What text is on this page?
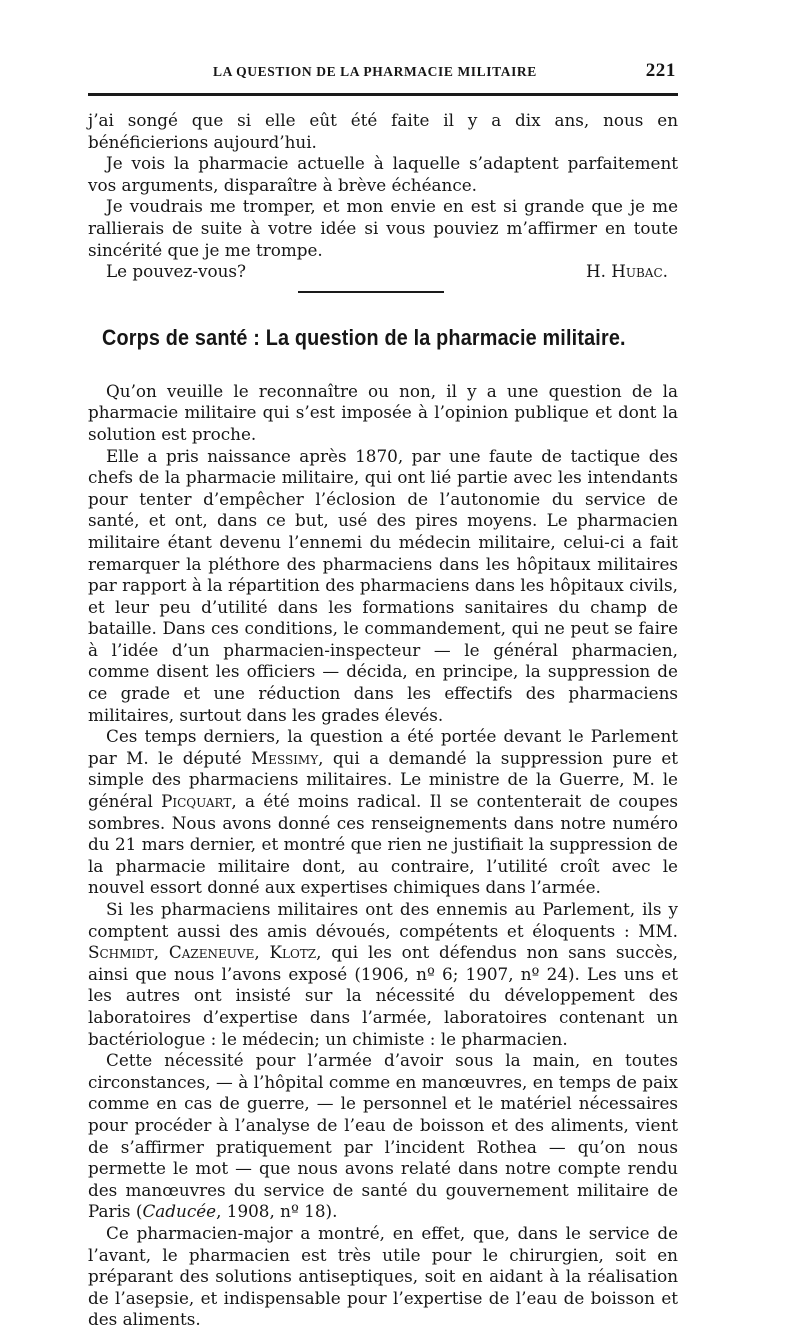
LA QUESTION DE LA PHARMACIE MILITAIRE	221

j’ai songé que si elle eût été faite il y a dix ans, nous en bénéficierions aujourd’hui.

Je vois la pharmacie actuelle à laquelle s’adaptent parfaitement vos arguments, disparaître à brève échéance.

Je voudrais me tromper, et mon envie en est si grande que je me rallierais de suite à votre idée si vous pouviez m’affirmer en toute sincérité que je me trompe.

Le pouvez-vous?	H. Hubac.
Corps de santé : La question de la pharmacie militaire.

Qu’on veuille le reconnaître ou non, il y a une question de la pharmacie militaire qui s’est imposée à l’opinion publique et dont la solution est proche.

Elle a pris naissance après 1870, par une faute de tactique des chefs de la pharmacie militaire, qui ont lié partie avec les intendants pour tenter d’empêcher l’éclosion de l’autonomie du service de santé, et ont, dans ce but, usé des pires moyens. Le pharmacien militaire étant devenu l’ennemi du médecin militaire, celui-ci a fait remarquer la pléthore des pharmaciens dans les hôpitaux militaires par rapport à la répartition des pharmaciens dans les hôpitaux civils, et leur peu d’utilité dans les formations sanitaires du champ de bataille. Dans ces conditions, le commandement, qui ne peut se faire à l’idée d’un pharmacien-inspecteur — le général pharmacien, comme disent les officiers — décida, en principe, la suppression de ce grade et une réduction dans les effectifs des pharmaciens militaires, surtout dans les grades élevés.

Ces temps derniers, la question a été portée devant le Parlement par M. le député Messimy, qui a demandé la suppression pure et simple des pharmaciens militaires. Le ministre de la Guerre, M. le général Picquart, a été moins radical. Il se contenterait de coupes sombres. Nous avons donné ces renseignements dans notre numéro du 21 mars dernier, et montré que rien ne justifiait la suppression de la pharmacie militaire dont, au contraire, l’utilité croît avec le nouvel essort donné aux expertises chimiques dans l’armée.

Si les pharmaciens militaires ont des ennemis au Parlement, ils y comptent aussi des amis dévoués, compétents et éloquents : MM. Schmidt, Cazeneuve, Klotz, qui les ont défendus non sans succès, ainsi que nous l’avons exposé (1906, nº 6; 1907, nº 24). Les uns et les autres ont insisté sur la nécessité du développement des laboratoires d’expertise dans l’armée, laboratoires contenant un bactériologue : le médecin; un chimiste : le pharmacien.

Cette nécessité pour l’armée d’avoir sous la main, en toutes circonstances, — à l’hôpital comme en manœuvres, en temps de paix comme en cas de guerre, — le personnel et le matériel nécessaires pour procéder à l’analyse de l’eau de boisson et des aliments, vient de s’affirmer pratiquement par l’incident Rothea — qu’on nous permette le mot — que nous avons relaté dans notre compte rendu des manœuvres du service de santé du gouvernement militaire de Paris (Caducée, 1908, nº 18).

Ce pharmacien-major a montré, en effet, que, dans le service de l’avant, le pharmacien est très utile pour le chirurgien, soit en préparant des solutions antiseptiques, soit en aidant à la réalisation de l’asepsie, et indispensable pour l’expertise de l’eau de boisson et des aliments.
